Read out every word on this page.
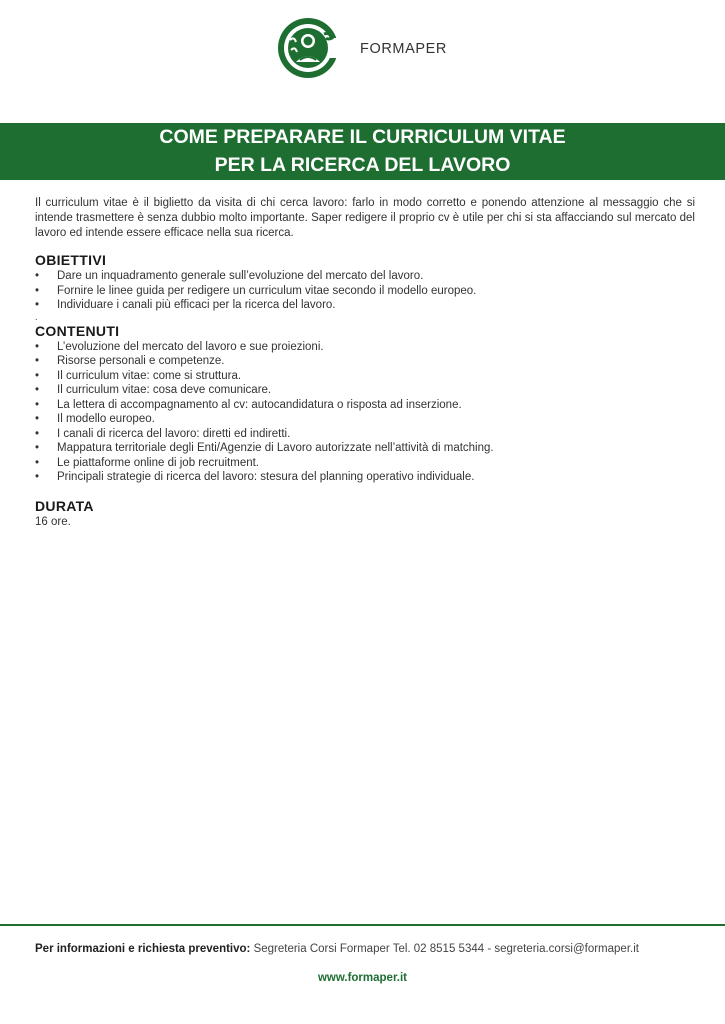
FORMAPER
COME PREPARARE IL CURRICULUM VITAE
PER LA RICERCA DEL LAVORO

Il curriculum vitae è il biglietto da visita di chi cerca lavoro: farlo in modo corretto e ponendo attenzione al messaggio che si intende trasmettere è senza dubbio molto importante. Saper redigere il proprio cv è utile per chi si sta affacciando sul mercato del lavoro ed intende essere efficace nella sua ricerca.

OBIETTIVI
• Dare un inquadramento generale sull’evoluzione del mercato del lavoro.
• Fornire le linee guida per redigere un curriculum vitae secondo il modello europeo.
• Individuare i canali più efficaci per la ricerca del lavoro.
.
CONTENUTI
• L’evoluzione del mercato del lavoro e sue proiezioni.
• Risorse personali e competenze.
• Il curriculum vitae: come si struttura.
• Il curriculum vitae: cosa deve comunicare.
• La lettera di accompagnamento al cv: autocandidatura o risposta ad inserzione.
• Il modello europeo.
• I canali di ricerca del lavoro: diretti ed indiretti.
• Mappatura territoriale degli Enti/Agenzie di Lavoro autorizzate nell’attività di matching.
• Le piattaforme online di job recruitment.
• Principali strategie di ricerca del lavoro: stesura del planning operativo individuale.
DURATA
16 ore.
Per informazioni e richiesta preventivo: Segreteria Corsi Formaper Tel. 02 8515 5344 - segreteria.corsi@formaper.it
www.formaper.it
